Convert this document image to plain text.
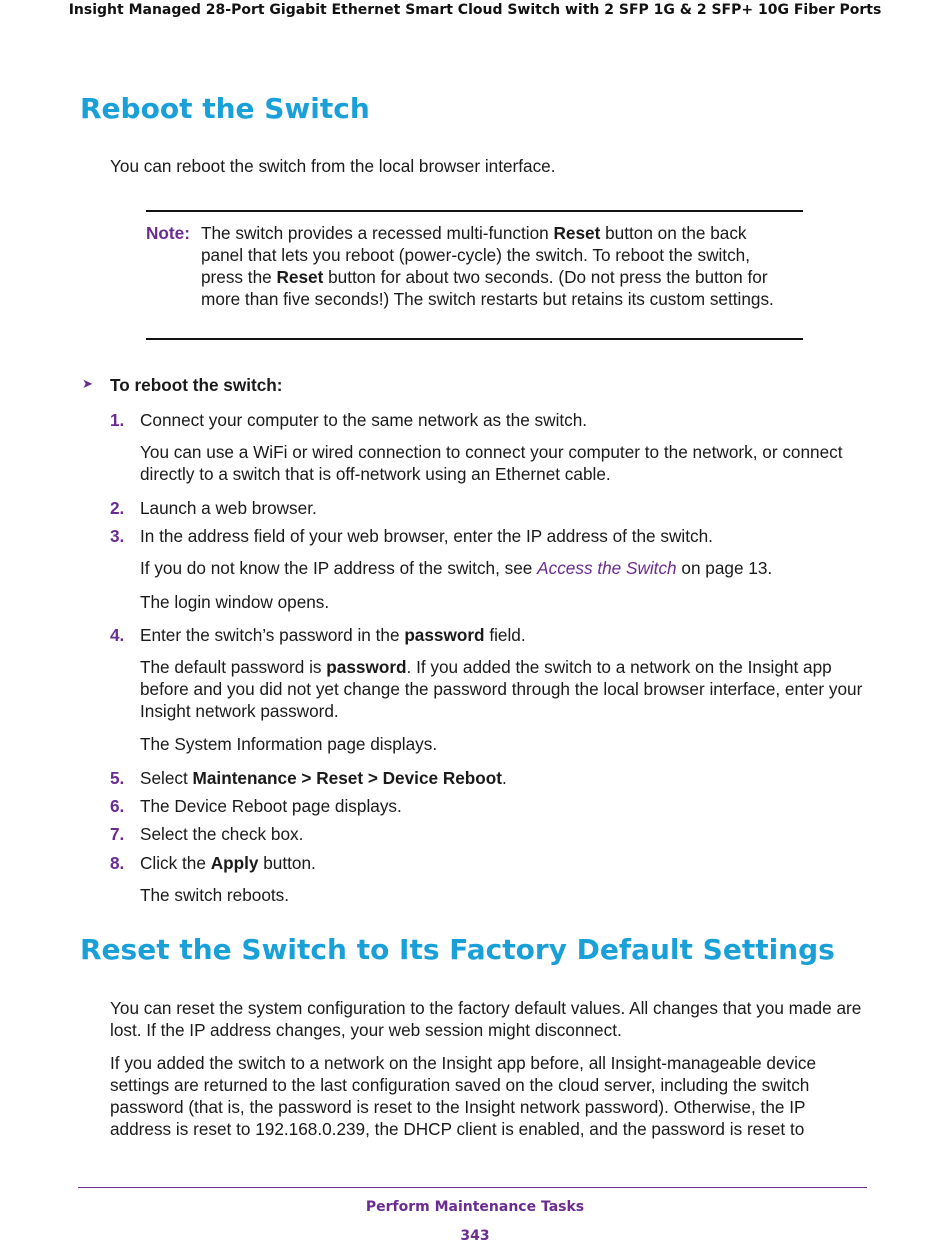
Insight Managed 28-Port Gigabit Ethernet Smart Cloud Switch with 2 SFP 1G & 2 SFP+ 10G Fiber Ports
Reboot the Switch

You can reboot the switch from the local browser interface.

Note: The switch provides a recessed multi-function Reset button on the back panel that lets you reboot (power-cycle) the switch. To reboot the switch, press the Reset button for about two seconds. (Do not press the button for more than five seconds!) The switch restarts but retains its custom settings.
➤ To reboot the switch:
1. Connect your computer to the same network as the switch.
You can use a WiFi or wired connection to connect your computer to the network, or connect directly to a switch that is off-network using an Ethernet cable.
2. Launch a web browser.
3. In the address field of your web browser, enter the IP address of the switch.
If you do not know the IP address of the switch, see Access the Switch on page 13.
The login window opens.
4. Enter the switch’s password in the password field.
The default password is password. If you added the switch to a network on the Insight app before and you did not yet change the password through the local browser interface, enter your Insight network password.
The System Information page displays.
5. Select Maintenance > Reset > Device Reboot.
6. The Device Reboot page displays.
7. Select the check box.
8. Click the Apply button.
The switch reboots.
Reset the Switch to Its Factory Default Settings

You can reset the system configuration to the factory default values. All changes that you made are lost. If the IP address changes, your web session might disconnect.

If you added the switch to a network on the Insight app before, all Insight-manageable device settings are returned to the last configuration saved on the cloud server, including the switch password (that is, the password is reset to the Insight network password). Otherwise, the IP address is reset to 192.168.0.239, the DHCP client is enabled, and the password is reset to

Perform Maintenance Tasks
343
